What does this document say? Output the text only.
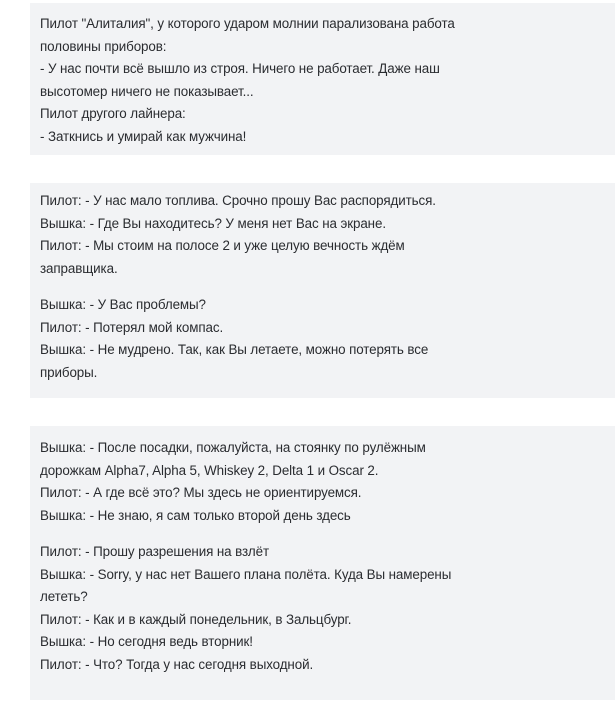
Пилот "Алиталия", у которого ударом молнии парализована работа
половины приборов:
- У нас почти всё вышло из строя. Ничего не работает. Даже наш
высотомер ничего не показывает...
Пилот другого лайнера:
- Заткнись и умирай как мужчина!
Пилот: - У нас мало топлива. Срочно прошу Вас распорядиться.
Вышка: - Где Вы находитесь? У меня нет Вас на экране.
Пилот: - Мы стоим на полосе 2 и уже целую вечность ждём
заправщика.
Вышка: - У Вас проблемы?
Пилот: - Потерял мой компас.
Вышка: - Не мудрено. Так, как Вы летаете, можно потерять все
приборы.
Вышка: - После посадки, пожалуйста, на стоянку по рулёжным
дорожкам Alpha7, Alpha 5, Whiskey 2, Delta 1 и Oscar 2.
Пилот: - А где всё это? Мы здесь не ориентируемся.
Вышка: - Не знаю, я сам только второй день здесь
Пилот: - Прошу разрешения на взлёт
Вышка: - Sorry, у нас нет Вашего плана полёта. Куда Вы намерены
лететь?
Пилот: - Как и в каждый понедельник, в Зальцбург.
Вышка: - Но сегодня ведь вторник!
Пилот: - Что? Тогда у нас сегодня выходной.
